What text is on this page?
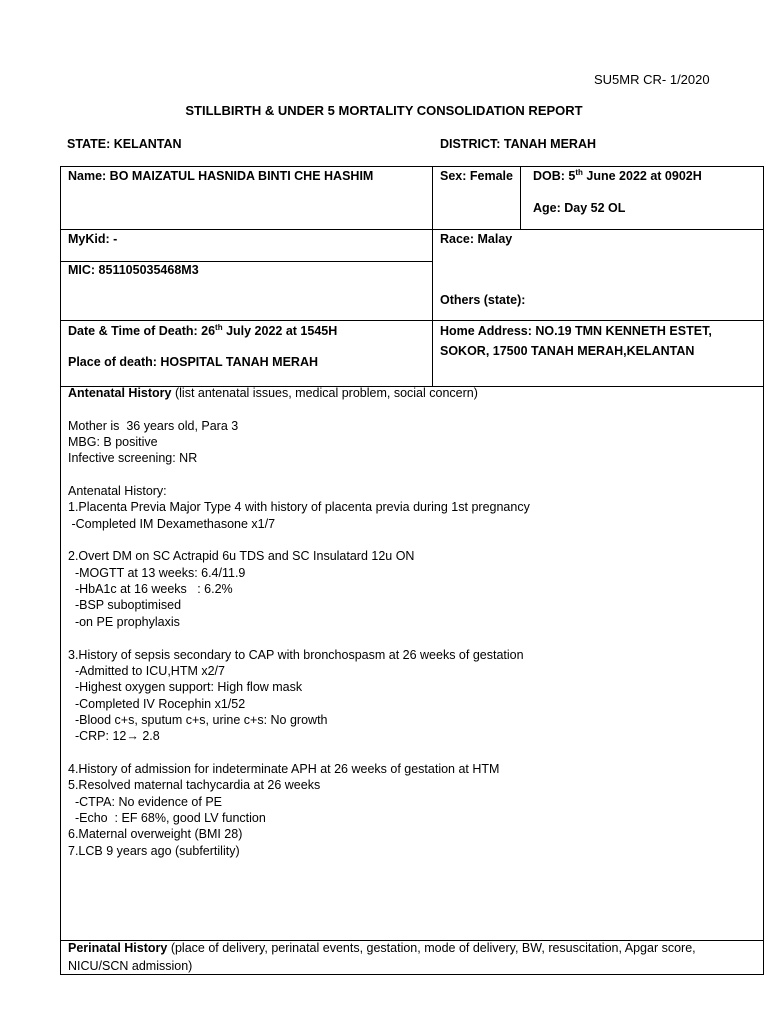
SU5MR CR- 1/2020
STILLBIRTH & UNDER 5 MORTALITY CONSOLIDATION REPORT
STATE: KELANTAN	DISTRICT: TANAH MERAH
Name: BO MAIZATUL HASNIDA BINTI CHE HASHIM	Sex: Female DOB: 5th June 2022 at 0902H
Age: Day 52 OL
MyKid: -	Race: Malay
MIC: 851105035468M3
Others (state):
Date & Time of Death: 26th July 2022 at 1545H
Place of death: HOSPITAL TANAH MERAH
Home Address: NO.19 TMN KENNETH ESTET,
SOKOR, 17500 TANAH MERAH,KELANTAN
Antenatal History (list antenatal issues, medical problem, social concern)
Mother is  36 years old, Para 3
MBG: B positive
Infective screening: NR
Antenatal History:
1.Placenta Previa Major Type 4 with history of placenta previa during 1st pregnancy
-Completed IM Dexamethasone x1/7
2.Overt DM on SC Actrapid 6u TDS and SC Insulatard 12u ON
-MOGTT at 13 weeks: 6.4/11.9
-HbA1c at 16 weeks   : 6.2%
-BSP suboptimised
-on PE prophylaxis
3.History of sepsis secondary to CAP with bronchospasm at 26 weeks of gestation
-Admitted to ICU,HTM x2/7
-Highest oxygen support: High flow mask
-Completed IV Rocephin x1/52
-Blood c+s, sputum c+s, urine c+s: No growth
-CRP: 12→ 2.8
4.History of admission for indeterminate APH at 26 weeks of gestation at HTM
5.Resolved maternal tachycardia at 26 weeks
-CTPA: No evidence of PE
-Echo  : EF 68%, good LV function
6.Maternal overweight (BMI 28)
7.LCB 9 years ago (subfertility)
Perinatal History (place of delivery, perinatal events, gestation, mode of delivery, BW, resuscitation, Apgar score,
NICU/SCN admission)
